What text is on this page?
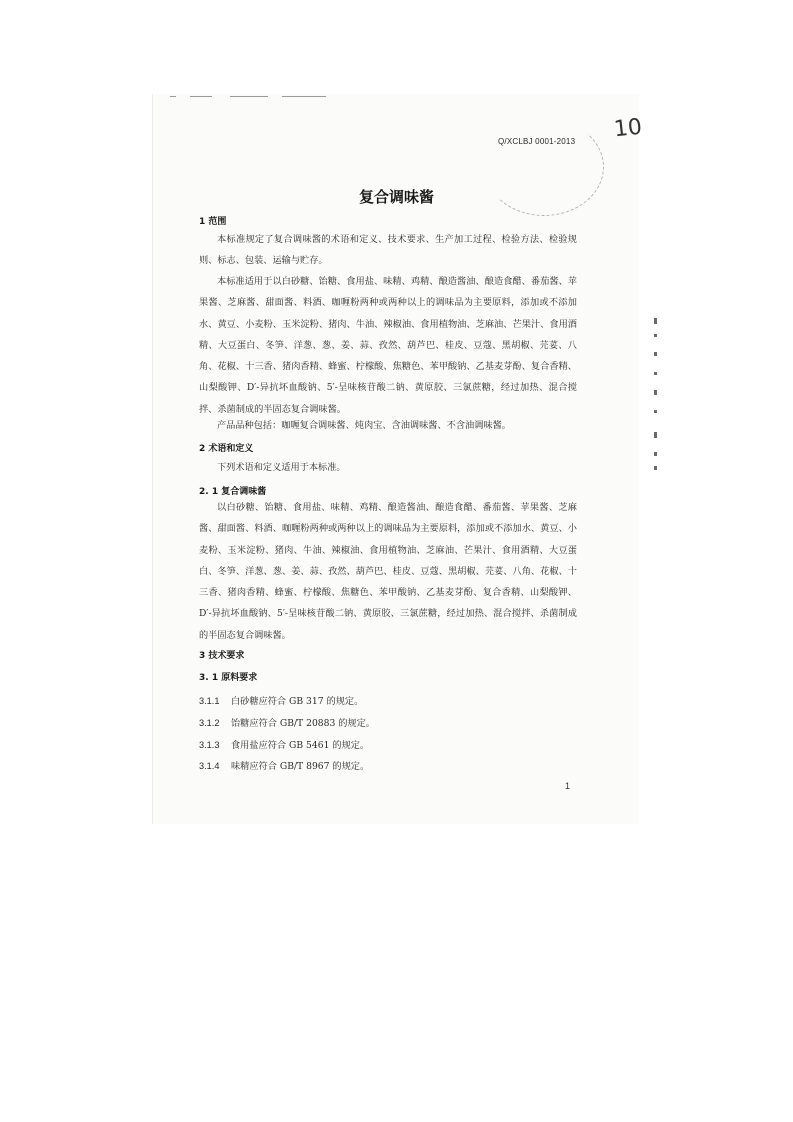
Q/XCLBJ 0001-2013 10
复合调味酱
1 范围

本标准规定了复合调味酱的术语和定义、技术要求、生产加工过程、检验方法、检验规则、标志、包装、运输与贮存。

本标准适用于以白砂糖、饴糖、食用盐、味精、鸡精、酿造酱油、酿造食醋、番茄酱、苹果酱、芝麻酱、甜面酱、料酒、咖喱粉两种或两种以上的调味品为主要原料，添加或不添加水、黄豆、小麦粉、玉米淀粉、猪肉、牛油、辣椒油、食用植物油、芝麻油、芒果汁、食用酒精、大豆蛋白、冬笋、洋葱、葱、姜、蒜、孜然、葫芦巴、桂皮、豆蔻、黑胡椒、芫荽、八角、花椒、十三香、猪肉香精、蜂蜜、柠檬酸、焦糖色、苯甲酸钠、乙基麦芽酚、复合香精、山梨酸钾、D′-异抗坏血酸钠、5′-呈味核苷酸二钠、黄原胶、三氯蔗糖，经过加热、混合搅拌、杀菌制成的半固态复合调味酱。

产品品种包括：咖喱复合调味酱、炖肉宝、含油调味酱、不含油调味酱。

2 术语和定义

下列术语和定义适用于本标准。

2. 1 复合调味酱

以白砂糖、饴糖、食用盐、味精、鸡精、酿造酱油、酿造食醋、番茄酱、苹果酱、芝麻酱、甜面酱、料酒、咖喱粉两种或两种以上的调味品为主要原料，添加或不添加水、黄豆、小麦粉、玉米淀粉、猪肉、牛油、辣椒油、食用植物油、芝麻油、芒果汁、食用酒精、大豆蛋白、冬笋、洋葱、葱、姜、蒜、孜然、葫芦巴、桂皮、豆蔻、黑胡椒、芫荽、八角、花椒、十三香、猪肉香精、蜂蜜、柠檬酸、焦糖色、苯甲酸钠、乙基麦芽酚、复合香精、山梨酸钾、D′-异抗坏血酸钠、5′-呈味核苷酸二钠、黄原胶、三氯蔗糖，经过加热、混合搅拌、杀菌制成的半固态复合调味酱。

3 技术要求
3. 1 原料要求
3.1.1 白砂糖应符合 GB 317 的规定。
3.1.2 饴糖应符合 GB/T 20883 的规定。
3.1.3 食用盐应符合 GB 5461 的规定。
3.1.4 味精应符合 GB/T 8967 的规定。
1
